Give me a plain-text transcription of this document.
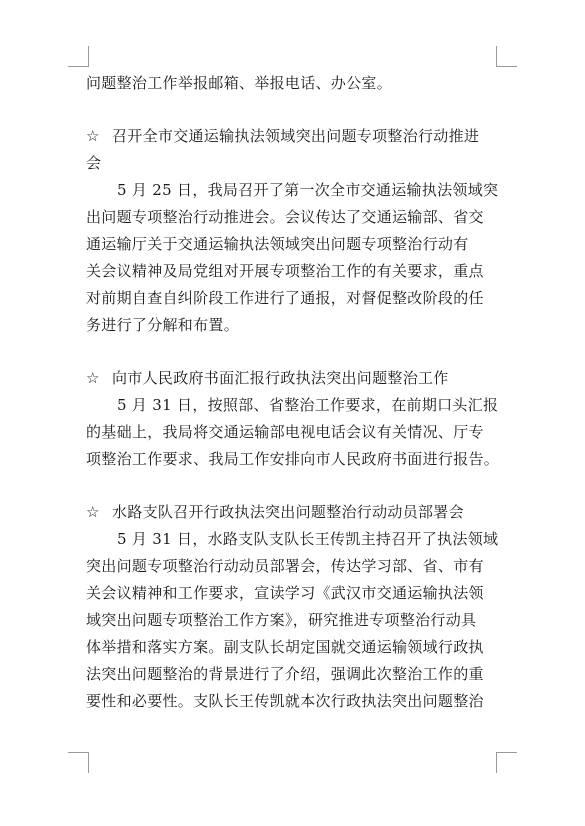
问题整治工作举报邮箱、举报电话、办公室。
☆ 召开全市交通运输执法领域突出问题专项整治行动推进
会
5 月 25 日，我局召开了第一次全市交通运输执法领域突
出问题专项整治行动推进会。会议传达了交通运输部、省交
通运输厅关于交通运输执法领域突出问题专项整治行动有
关会议精神及局党组对开展专项整治工作的有关要求，重点
对前期自查自纠阶段工作进行了通报，对督促整改阶段的任
务进行了分解和布置。
☆ 向市人民政府书面汇报行政执法突出问题整治工作
5 月 31 日，按照部、省整治工作要求，在前期口头汇报
的基础上，我局将交通运输部电视电话会议有关情况、厅专
项整治工作要求、我局工作安排向市人民政府书面进行报告。
☆ 水路支队召开行政执法突出问题整治行动动员部署会
5 月 31 日，水路支队支队长王传凯主持召开了执法领域
突出问题专项整治行动动员部署会，传达学习部、省、市有
关会议精神和工作要求，宣读学习《武汉市交通运输执法领
域突出问题专项整治工作方案》，研究推进专项整治行动具
体举措和落实方案。副支队长胡定国就交通运输领域行政执
法突出问题整治的背景进行了介绍，强调此次整治工作的重
要性和必要性。支队长王传凯就本次行政执法突出问题整治
